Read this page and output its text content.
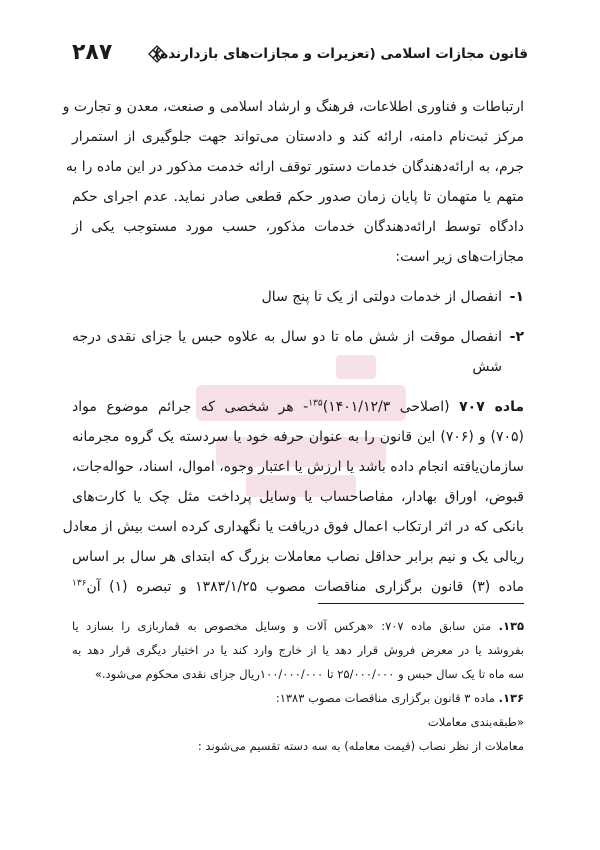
۲۸۷	قانون مجازات اسلامی (تعزیرات و مجازات‌های بازدارنده)

ارتباطات و فناوری اطلاعات، فرهنگ و ارشاد اسلامی و صنعت، معدن و تجارت و
مرکز ثبت‌نام دامنه، ارائه کند و دادستان می‌تواند جهت جلوگیری از استمرار
جرم، به ارائه‌دهندگان خدمات دستور توقف ارائه خدمت مذکور در این ماده را به
متهم یا متهمان تا پایان زمان صدور حکم قطعی صادر نماید. عدم اجرای حکم
دادگاه توسط ارائه‌دهندگان خدمات مذکور، حسب مورد مستوجب یکی از
مجازات‌های زیر است:

۱-
انفصال از خدمات دولتی از یک تا پنج سال

۲-
انفصال موقت از شش ماه تا دو سال به علاوه حبس یا جزای نقدی درجه
شش

ماده ۷۰۷ (اصلاحی ۱۴۰۱/۱۲/۳)$^{۱۳۵}$- هر شخصی که جرائم موضوع مواد
(۷۰۵) و (۷۰۶) این قانون را به عنوان حرفه خود یا سردسته یک گروه مجرمانه
سازمان‌یافته انجام داده باشد یا ارزش یا اعتبار وجوه، اموال، اسناد، حواله‌جات،
قبوض، اوراق بهادار، مفاصاحساب یا وسایل پرداخت مثل چک یا کارت‌های
بانکی که در اثر ارتکاب اعمال فوق دریافت یا نگهداری کرده است بیش از معادل
ریالی یک و نیم برابر حداقل نصاب معاملات بزرگ که ابتدای هر سال بر اساس
ماده (۳) قانون برگزاری مناقصات مصوب ۱۳۸۳/۱/۲۵ و تبصره (۱) آن$^{۱۳۶}$

۱۳۵. متن سابق ماده ۷۰۷: «هرکس آلات و وسایل مخصوص به قماربازی را بسازد یا
بفروشد یا در معرض فروش قرار دهد یا از خارج وارد کند یا در اختیار دیگری قرار دهد به
سه ماه تا یک سال حبس و ۲۵/۰۰۰/۰۰۰ تا ۱۰۰/۰۰۰/۰۰۰ریال جزای نقدی محکوم می‌شود.»
۱۳۶. ماده ۳ قانون برگزاری مناقصات مصوب ۱۳۸۳:
«طبقه‌بندی معاملات
معاملات از نظر نصاب (قیمت معامله) به سه دسته تقسیم می‌شوند :
